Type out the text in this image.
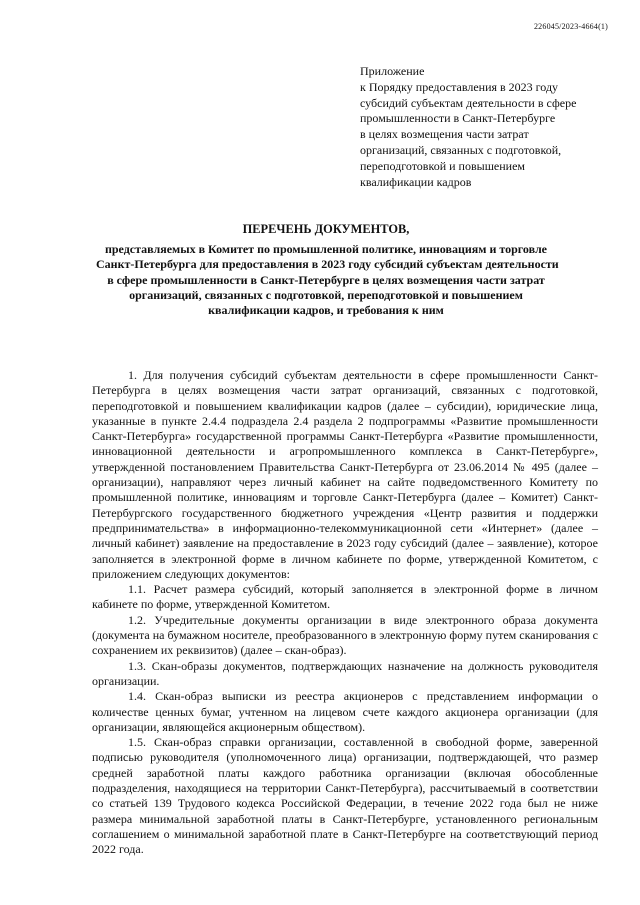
226045/2023-4664(1)
Приложение
к Порядку предоставления в 2023 году
субсидий субъектам деятельности в сфере
промышленности в Санкт-Петербурге
в целях возмещения части затрат
организаций, связанных с подготовкой,
переподготовкой и повышением
квалификации кадров
ПЕРЕЧЕНЬ ДОКУМЕНТОВ,
представляемых в Комитет по промышленной политике, инновациям и торговле
Санкт-Петербурга для предоставления в 2023 году субсидий субъектам деятельности
в сфере промышленности в Санкт-Петербурге в целях возмещения части затрат
организаций, связанных с подготовкой, переподготовкой и повышением
квалификации кадров, и требования к ним

1. Для получения субсидий субъектам деятельности в сфере промышленности Санкт-Петербурга в целях возмещения части затрат организаций, связанных с подготовкой, переподготовкой и повышением квалификации кадров (далее – субсидии), юридические лица, указанные в пункте 2.4.4 подраздела 2.4 раздела 2 подпрограммы «Развитие промышленности Санкт-Петербурга» государственной программы Санкт-Петербурга «Развитие промышленности, инновационной деятельности и агропромышленного комплекса в Санкт-Петербурге», утвержденной постановлением Правительства Санкт-Петербурга от 23.06.2014 № 495 (далее – организации), направляют через личный кабинет на сайте подведомственного Комитету по промышленной политике, инновациям и торговле Санкт-Петербурга (далее – Комитет) Санкт-Петербургского государственного бюджетного учреждения «Центр развития и поддержки предпринимательства» в информационно-телекоммуникационной сети «Интернет» (далее – личный кабинет) заявление на предоставление в 2023 году субсидий (далее – заявление), которое заполняется в электронной форме в личном кабинете по форме, утвержденной Комитетом, с приложением следующих документов:

1.1. Расчет размера субсидий, который заполняется в электронной форме в личном кабинете по форме, утвержденной Комитетом.

1.2. Учредительные документы организации в виде электронного образа документа (документа на бумажном носителе, преобразованного в электронную форму путем сканирования с сохранением их реквизитов) (далее – скан-образ).

1.3. Скан-образы документов, подтверждающих назначение на должность руководителя организации.

1.4. Скан-образ выписки из реестра акционеров с представлением информации о количестве ценных бумаг, учтенном на лицевом счете каждого акционера организации (для организации, являющейся акционерным обществом).

1.5. Скан-образ справки организации, составленной в свободной форме, заверенной подписью руководителя (уполномоченного лица) организации, подтверждающей, что размер средней заработной платы каждого работника организации (включая обособленные подразделения, находящиеся на территории Санкт-Петербурга), рассчитываемый в соответствии со статьей 139 Трудового кодекса Российской Федерации, в течение 2022 года был не ниже размера минимальной заработной платы в Санкт-Петербурге, установленного региональным соглашением о минимальной заработной плате в Санкт-Петербурге на соответствующий период 2022 года.
